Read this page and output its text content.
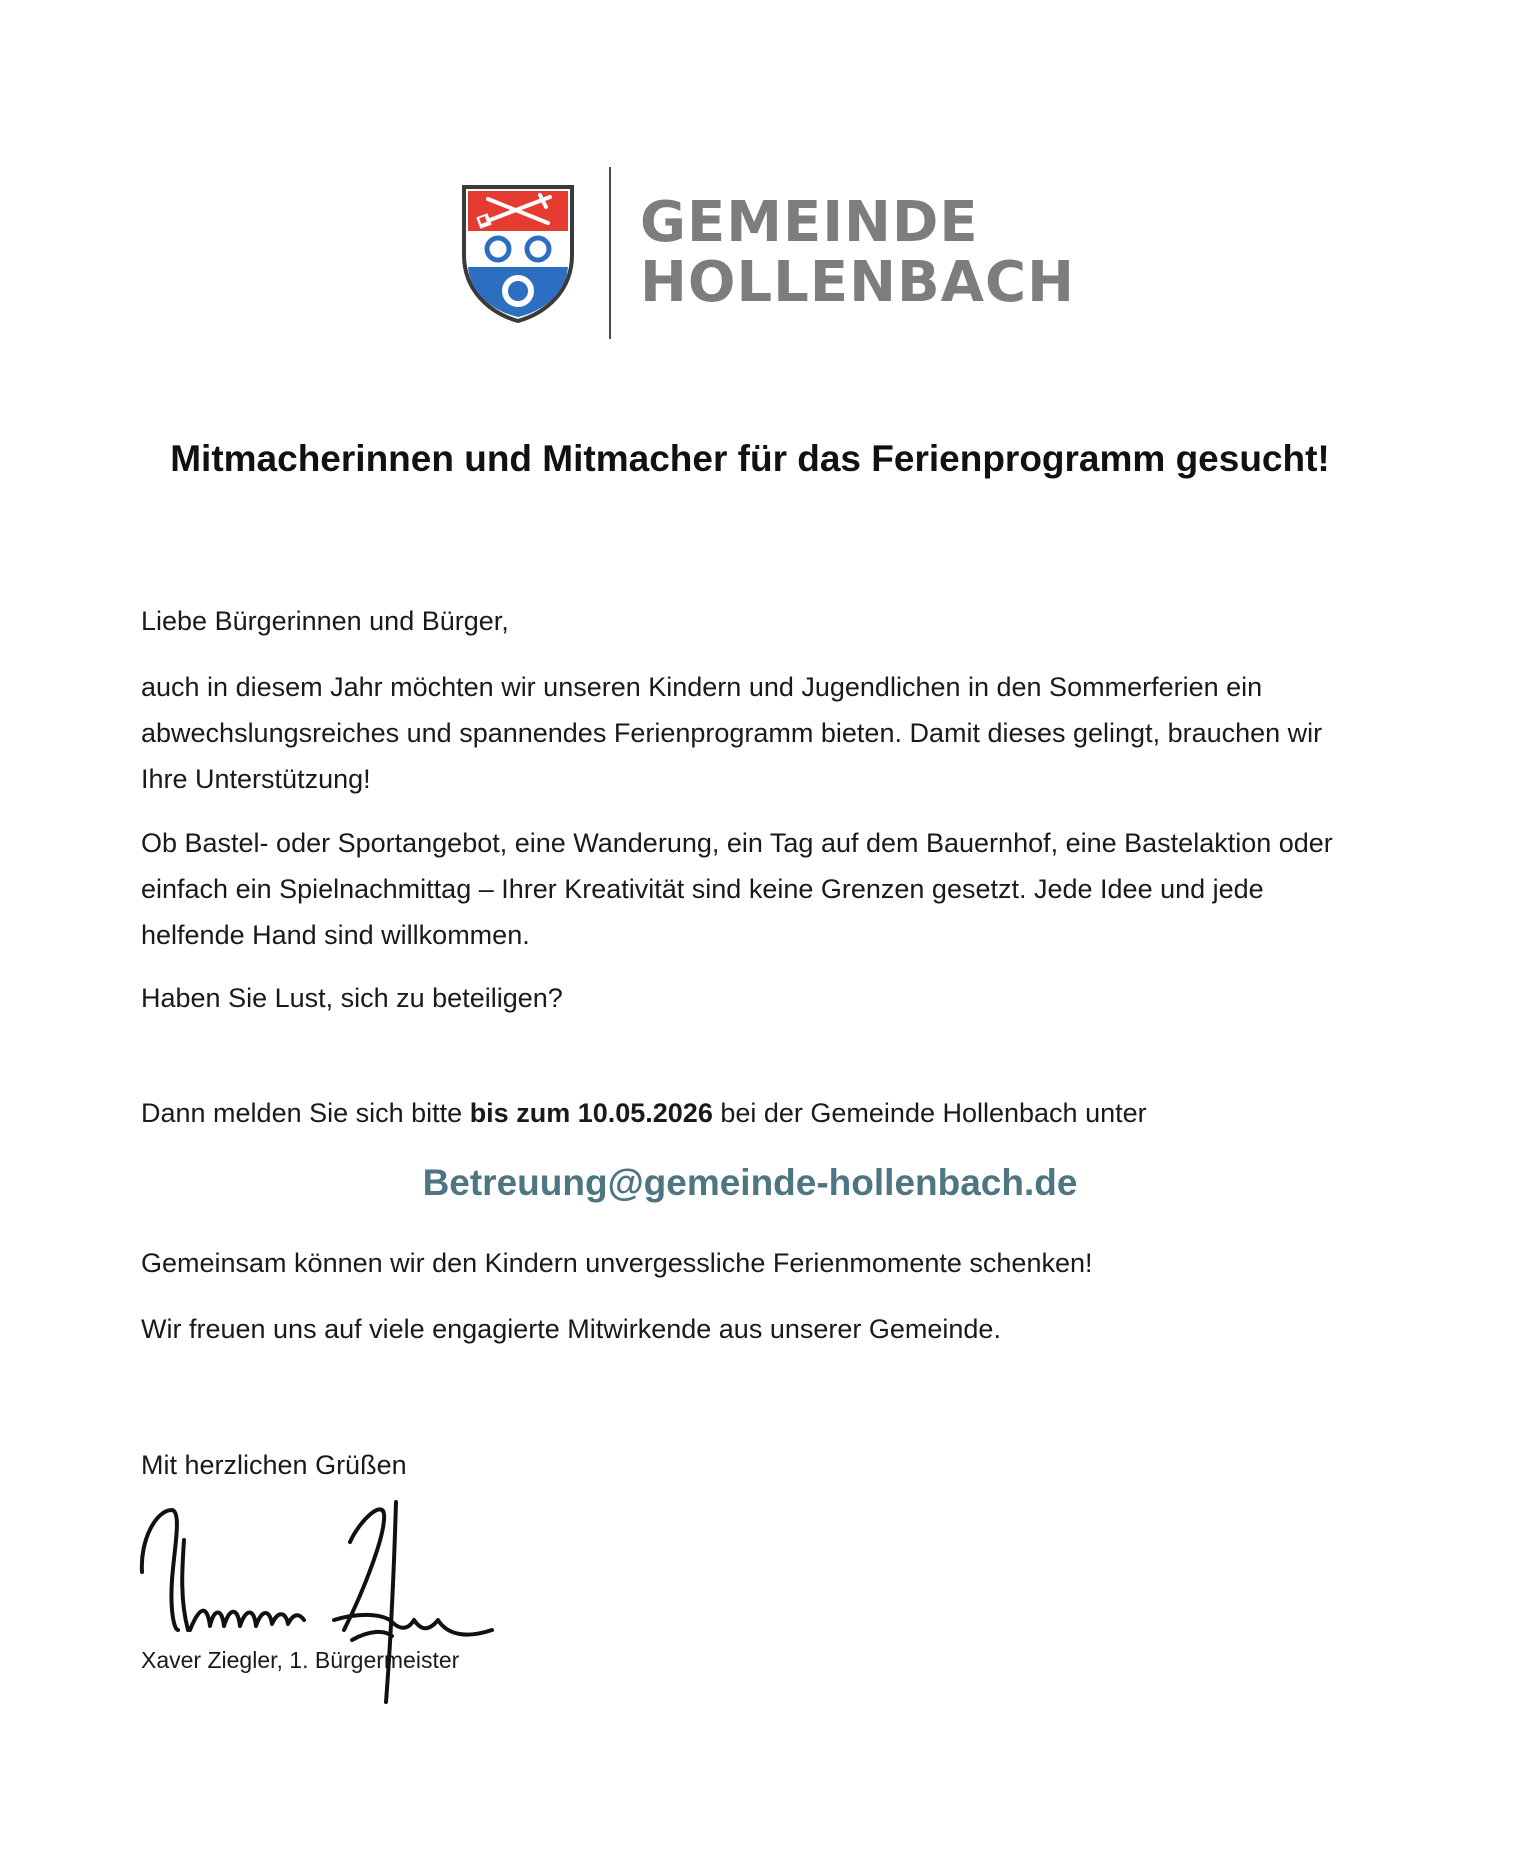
GEMEINDE
HOLLENBACH
Mitmacherinnen und Mitmacher für das Ferienprogramm gesucht!

Liebe Bürgerinnen und Bürger,

auch in diesem Jahr möchten wir unseren Kindern und Jugendlichen in den Sommerferien ein abwechslungsreiches und spannendes Ferienprogramm bieten. Damit dieses gelingt, brauchen wir Ihre Unterstützung!

Ob Bastel- oder Sportangebot, eine Wanderung, ein Tag auf dem Bauernhof, eine Bastelaktion oder einfach ein Spielnachmittag – Ihrer Kreativität sind keine Grenzen gesetzt. Jede Idee und jede helfende Hand sind willkommen.

Haben Sie Lust, sich zu beteiligen?

Dann melden Sie sich bitte bis zum 10.05.2026 bei der Gemeinde Hollenbach unter

Betreuung@gemeinde-hollenbach.de

Gemeinsam können wir den Kindern unvergessliche Ferienmomente schenken!

Wir freuen uns auf viele engagierte Mitwirkende aus unserer Gemeinde.

Mit herzlichen Grüßen

Xaver Ziegler, 1. Bürgermeister
